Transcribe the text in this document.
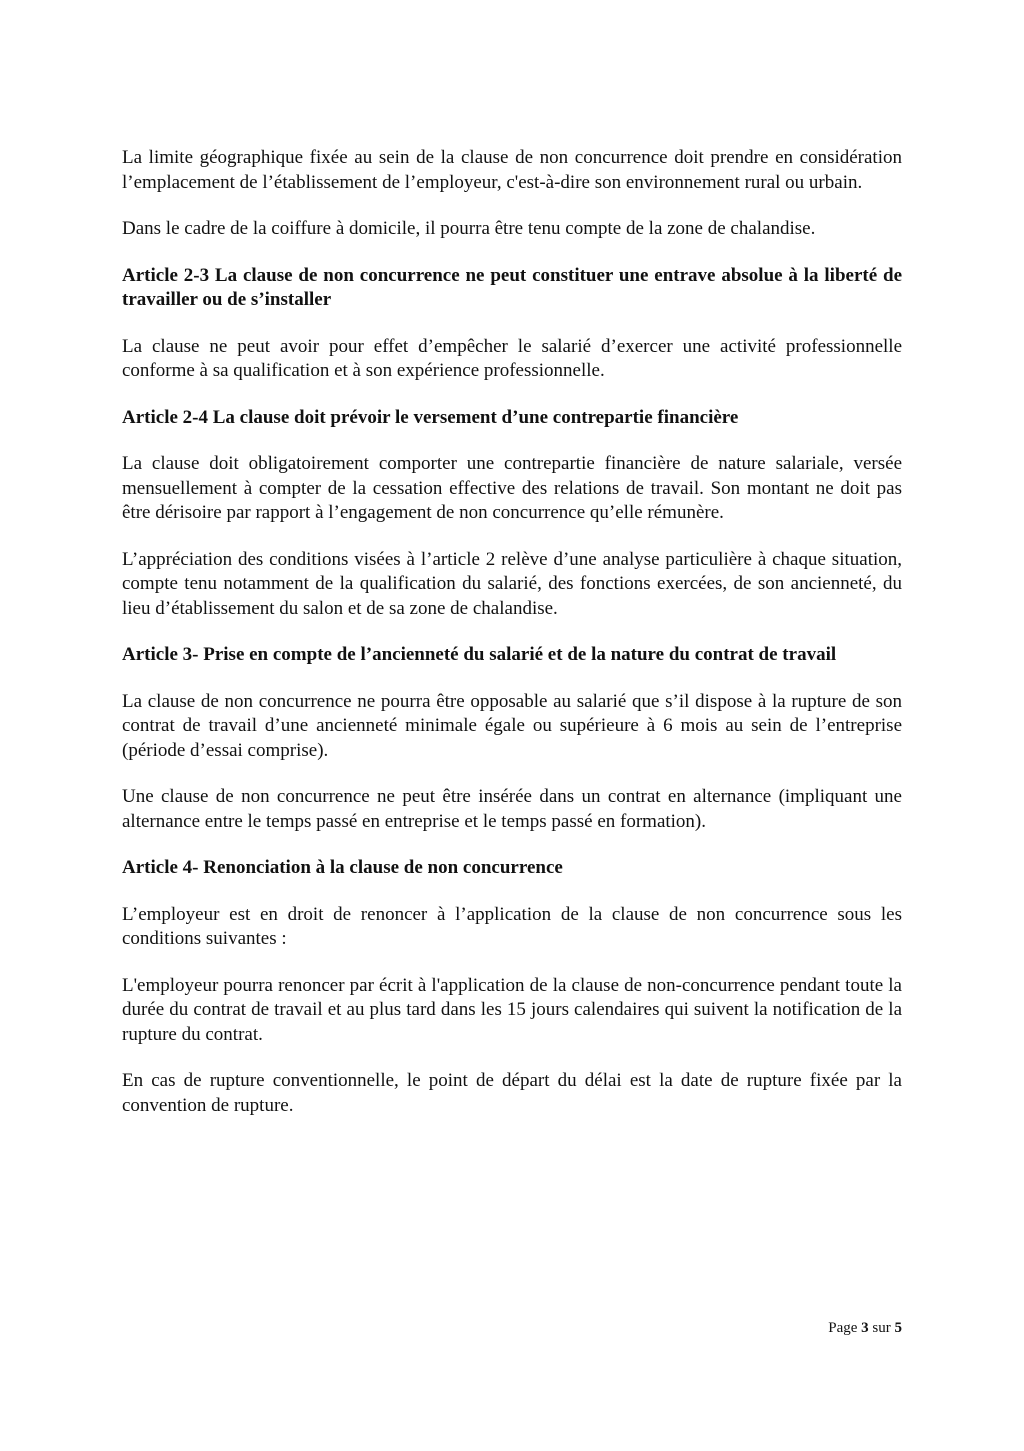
La limite géographique fixée au sein de la clause de non concurrence doit prendre en considération l’emplacement de l’établissement de l’employeur, c'est-à-dire son environnement rural ou urbain.

Dans le cadre de la coiffure à domicile, il pourra être tenu compte de la zone de chalandise.

Article 2-3 La clause de non concurrence ne peut constituer une entrave absolue à la liberté de travailler ou de s’installer

La clause ne peut avoir pour effet d’empêcher le salarié d’exercer une activité professionnelle conforme à sa qualification et à son expérience professionnelle.

Article 2-4 La clause doit prévoir le versement d’une contrepartie financière

La clause doit obligatoirement comporter une contrepartie financière de nature salariale, versée mensuellement à compter de la cessation effective des relations de travail. Son montant ne doit pas être dérisoire par rapport à l’engagement de non concurrence qu’elle rémunère.

L’appréciation des conditions visées à l’article 2 relève d’une analyse particulière à chaque situation, compte tenu notamment de la qualification du salarié, des fonctions exercées, de son ancienneté, du lieu d’établissement du salon et de sa zone de chalandise.

Article 3- Prise en compte de l’ancienneté du salarié et de la nature du contrat de travail

La clause de non concurrence ne pourra être opposable au salarié que s’il dispose à la rupture de son contrat de travail d’une ancienneté minimale égale ou supérieure à 6 mois au sein de l’entreprise (période d’essai comprise).

Une clause de non concurrence ne peut être insérée dans un contrat en alternance (impliquant une alternance entre le temps passé en entreprise et le temps passé en formation).

Article 4- Renonciation à la clause de non concurrence

L’employeur est en droit de renoncer à l’application de la clause de non concurrence sous les conditions suivantes :

L'employeur pourra renoncer par écrit à l'application de la clause de non-concurrence pendant toute la durée du contrat de travail et au plus tard dans les 15 jours calendaires qui suivent la notification de la rupture du contrat.

En cas de rupture conventionnelle, le point de départ du délai est la date de rupture fixée par la convention de rupture.

Page 3 sur 5
